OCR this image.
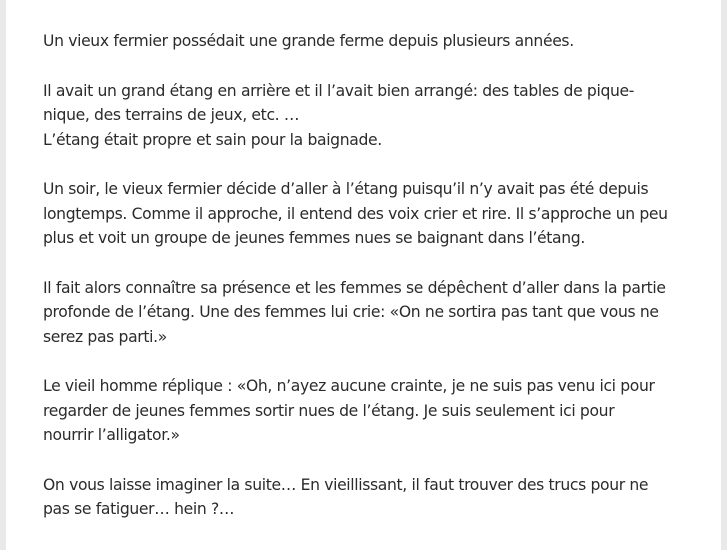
Un vieux fermier possédait une grande ferme depuis plusieurs années.

Il avait un grand étang en arrière et il l’avait bien arrangé: des tables de pique-
nique, des terrains de jeux, etc. …
L’étang était propre et sain pour la baignade.

Un soir, le vieux fermier décide d’aller à l’étang puisqu’il n’y avait pas été depuis
longtemps. Comme il approche, il entend des voix crier et rire. Il s’approche un peu
plus et voit un groupe de jeunes femmes nues se baignant dans l’étang.

Il fait alors connaître sa présence et les femmes se dépêchent d’aller dans la partie
profonde de l’étang. Une des femmes lui crie: «On ne sortira pas tant que vous ne
serez pas parti.»

Le vieil homme réplique : «Oh, n’ayez aucune crainte, je ne suis pas venu ici pour
regarder de jeunes femmes sortir nues de l’étang. Je suis seulement ici pour
nourrir l’alligator.»

On vous laisse imaginer la suite… En vieillissant, il faut trouver des trucs pour ne
pas se fatiguer… hein ?…
